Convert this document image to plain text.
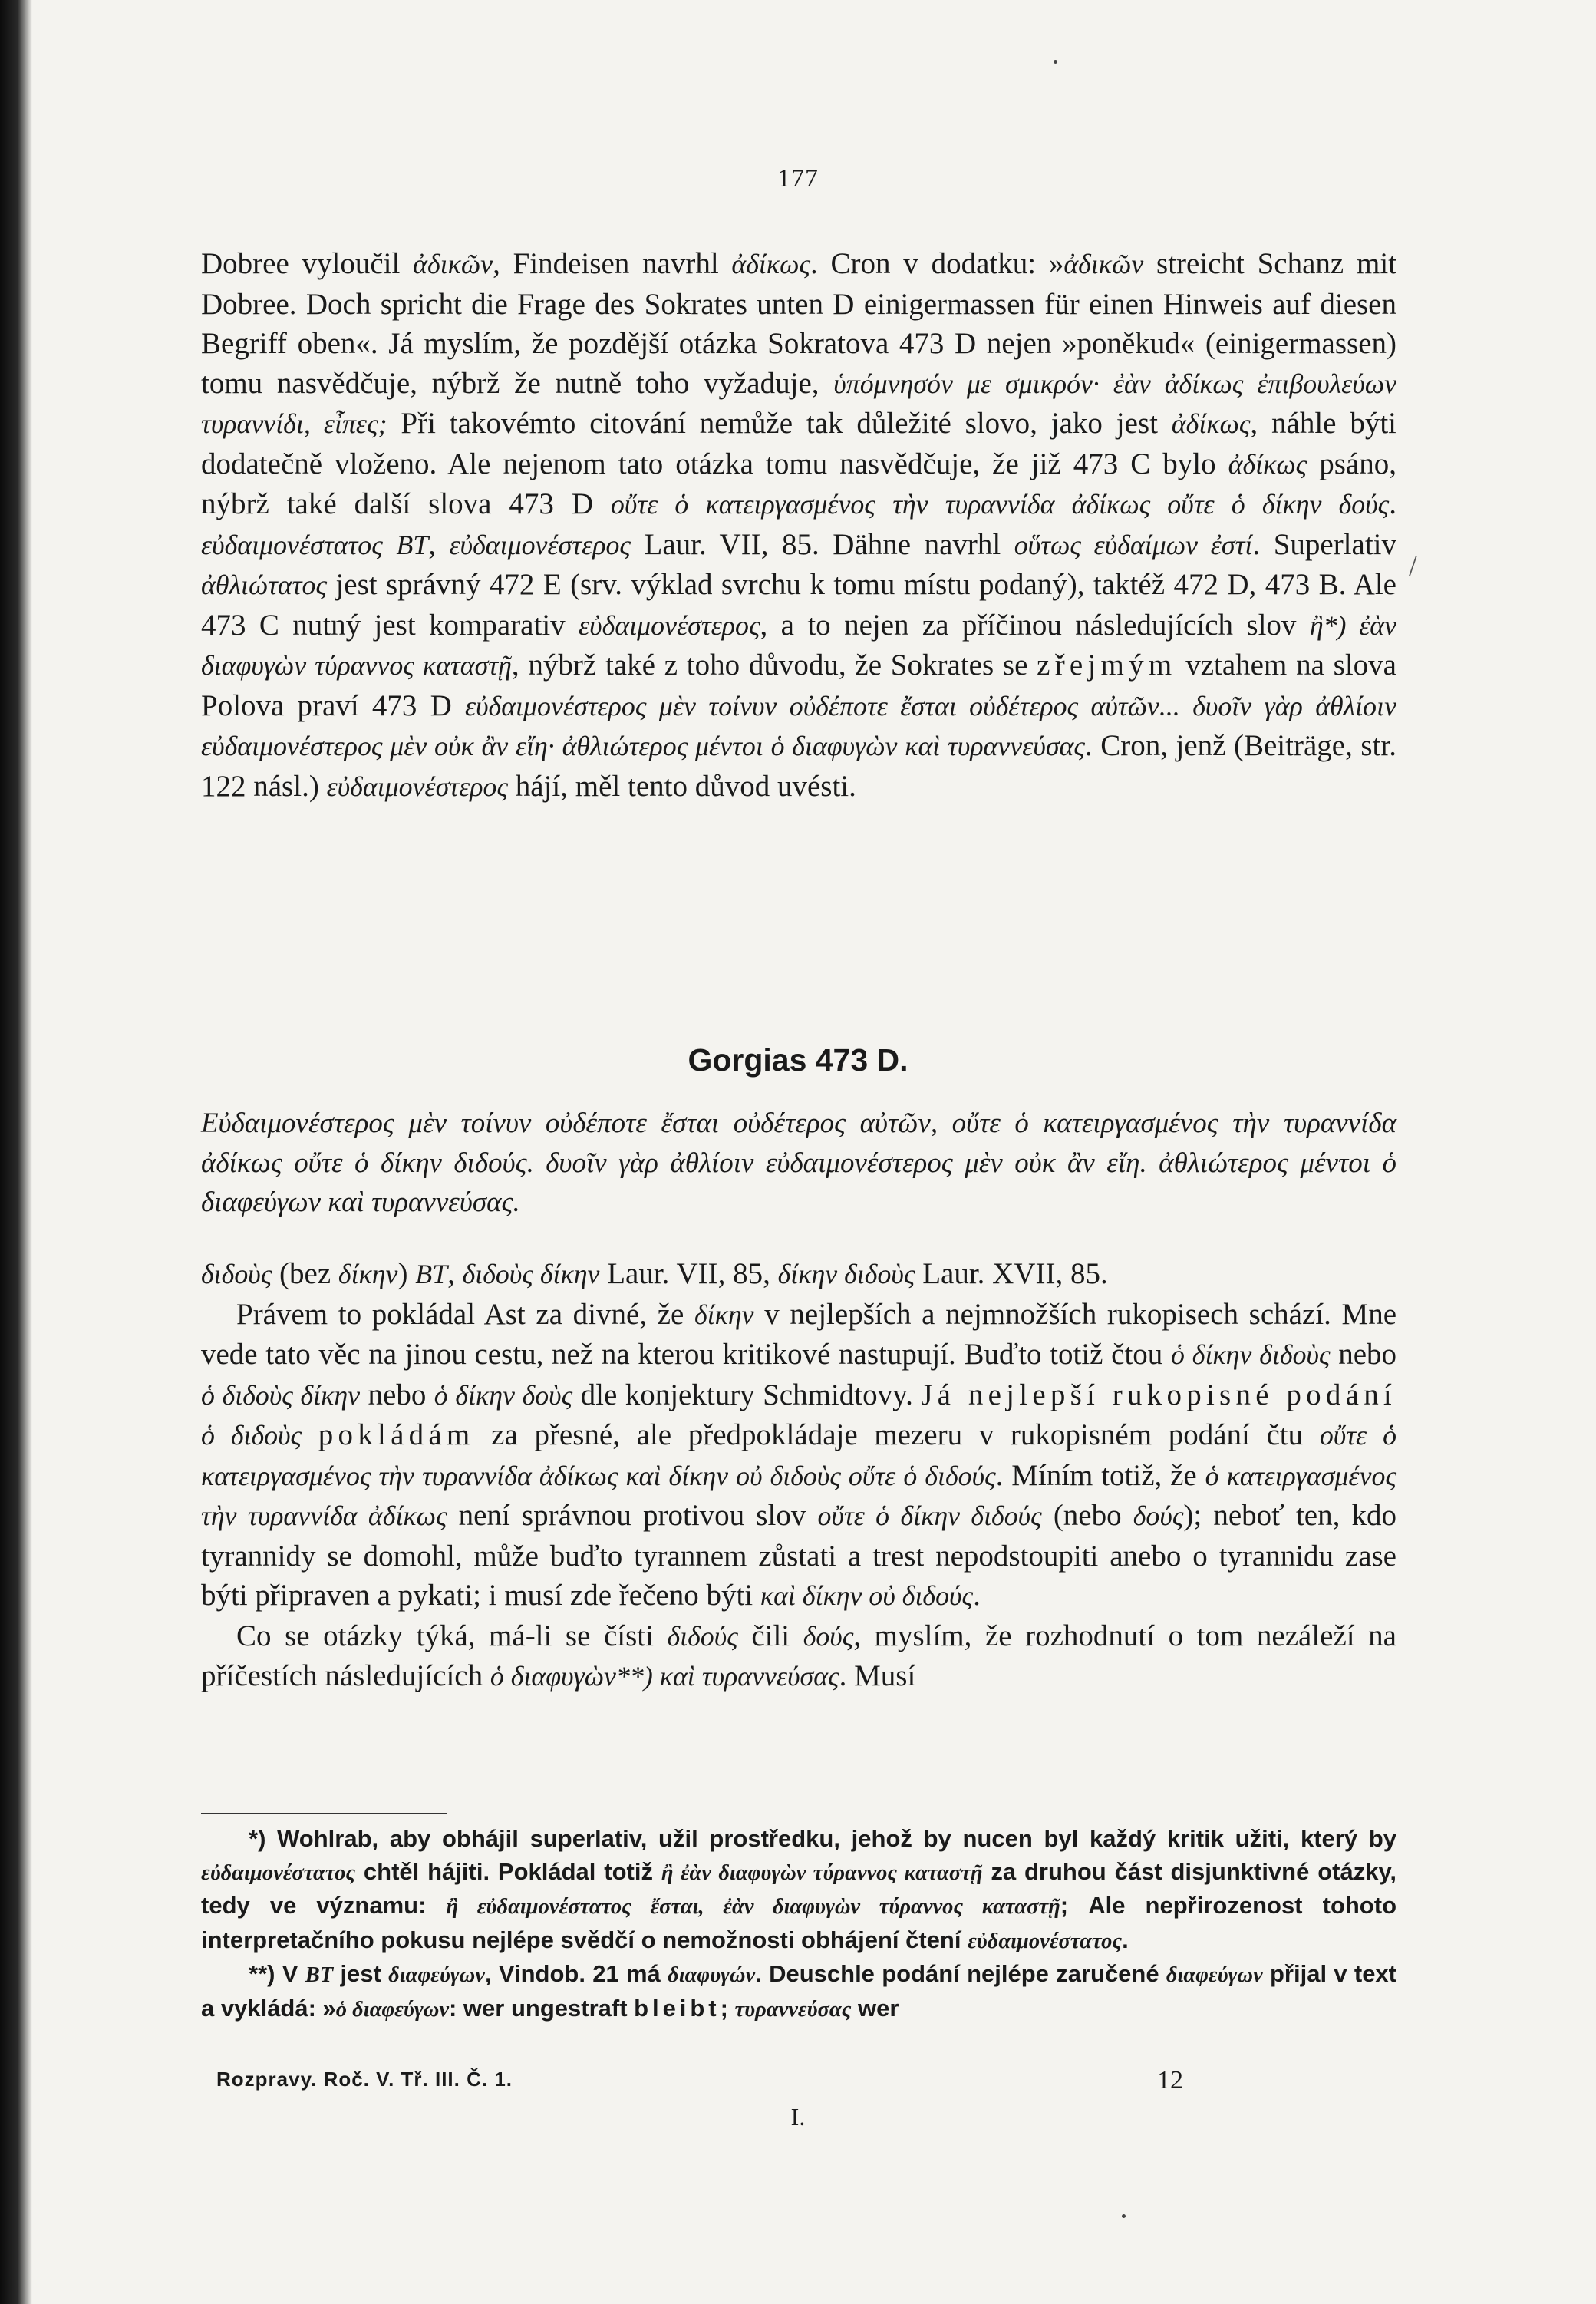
177

Dobree vyloučil ἀδικῶν, Findeisen navrhl ἀδίκως. Cron v dodatku: »ἀδικῶν streicht Schanz mit Dobree. Doch spricht die Frage des Sokrates unten D einigermassen für einen Hinweis auf diesen Begriff oben«. Já myslím, že pozdější otázka Sokratova 473 D nejen »poněkud« (einigermassen) tomu nasvědčuje, nýbrž že nutně toho vyžaduje, ὑπόμνησόν με σμικρόν· ἐὰν ἀδίκως ἐπιβουλεύων τυραννίδι, εἶπες; Při takovémto citování nemůže tak důležité slovo, jako jest ἀδίκως, náhle býti dodatečně vloženo. Ale nejenom tato otázka tomu nasvědčuje, že již 473 C bylo ἀδίκως psáno, nýbrž také další slova 473 D οὔτε ὁ κατειργασμένος τὴν τυραννίδα ἀδίκως οὔτε ὁ δίκην δούς. εὐδαιμονέστατος BT, εὐδαιμονέστερος Laur. VII, 85. Dähne navrhl οὕτως εὐδαίμων ἐστί. Superlativ ἀθλιώτατος jest správný 472 E (srv. výklad svrchu k tomu místu podaný), taktéž 472 D, 473 B. Ale 473 C nutný jest komparativ εὐδαιμονέστερος, a to nejen za příčinou následujících slov ἢ*) ἐὰν διαφυγὼν τύραννος καταστῇ, nýbrž také z toho důvodu, že Sokrates se zřejmým vztahem na slova Polova praví 473 D εὐδαιμονέστερος μὲν τοίνυν οὐδέποτε ἔσται οὐδέτερος αὐτῶν... δυοῖν γὰρ ἀθλίοιν εὐδαιμονέστερος μὲν οὐκ ἂν εἴη· ἀθλιώτερος μέντοι ὁ διαφυγὼν καὶ τυραννεύσας. Cron, jenž (Beiträge, str. 122 násl.) εὐδαιμονέστερος hájí, měl tento důvod uvésti.

Gorgias 473 D.

Εὐδαιμονέστερος μὲν τοίνυν οὐδέποτε ἔσται οὐδέτερος αὐτῶν, οὔτε ὁ κατειργασμένος τὴν τυραννίδα ἀδίκως οὔτε ὁ δίκην διδούς. δυοῖν γὰρ ἀθλίοιν εὐδαιμονέστερος μὲν οὐκ ἂν εἴη. ἀθλιώτερος μέντοι ὁ διαφεύγων καὶ τυραννεύσας.

διδοὺς (bez δίκην) BT, διδοὺς δίκην Laur. VII, 85, δίκην διδοὺς Laur. XVII, 85.

Právem to pokládal Ast za divné, že δίκην v nejlepších a nejmnožších rukopisech schází. Mne vede tato věc na jinou cestu, než na kterou kritikové nastupují. Buďto totiž čtou ὁ δίκην διδοὺς nebo ὁ διδοὺς δίκην nebo ὁ δίκην δοὺς dle konjektury Schmidtovy. Já nejlepší rukopisné podání ὁ διδοὺς pokládám za přesné, ale předpokládaje mezeru v rukopisném podání čtu οὔτε ὁ κατειργασμένος τὴν τυραννίδα ἀδίκως καὶ δίκην οὐ διδοὺς οὔτε ὁ διδούς. Míním totiž, že ὁ κατειργασμένος τὴν τυραννίδα ἀδίκως není správnou protivou slov οὔτε ὁ δίκην διδούς (nebo δούς); neboť ten, kdo tyrannidy se domohl, může buďto tyrannem zůstati a trest nepodstoupiti anebo o tyrannidu zase býti připraven a pykati; i musí zde řečeno býti καὶ δίκην οὐ διδούς.

Co se otázky týká, má-li se čísti διδούς čili δούς, myslím, že rozhodnutí o tom nezáleží na příčestích následujících ὁ διαφυγὼν**) καὶ τυραννεύσας. Musí

*) Wohlrab, aby obhájil superlativ, užil prostředku, jehož by nucen byl každý kritik užiti, který by εὐδαιμονέστατος chtěl hájiti. Pokládal totiž ἢ ἐὰν διαφυγὼν τύραννος καταστῇ za druhou část disjunktivné otázky, tedy ve významu: ἢ εὐδαιμονέστατος ἔσται, ἐὰν διαφυγὼν τύραννος καταστῇ; Ale nepřirozenost tohoto interpretačního pokusu nejlépe svědčí o nemožnosti obhájení čtení εὐδαιμονέστατος.

**) V BT jest διαφεύγων, Vindob. 21 má διαφυγών. Deuschle podání nejlépe zaručené διαφεύγων přijal v text a vykládá: »ὁ διαφεύγων: wer ungestraft bleibt; τυραννεύσας wer

Rozpravy. Roč. V. Tř. III. Č. 1.	12
I.
/
